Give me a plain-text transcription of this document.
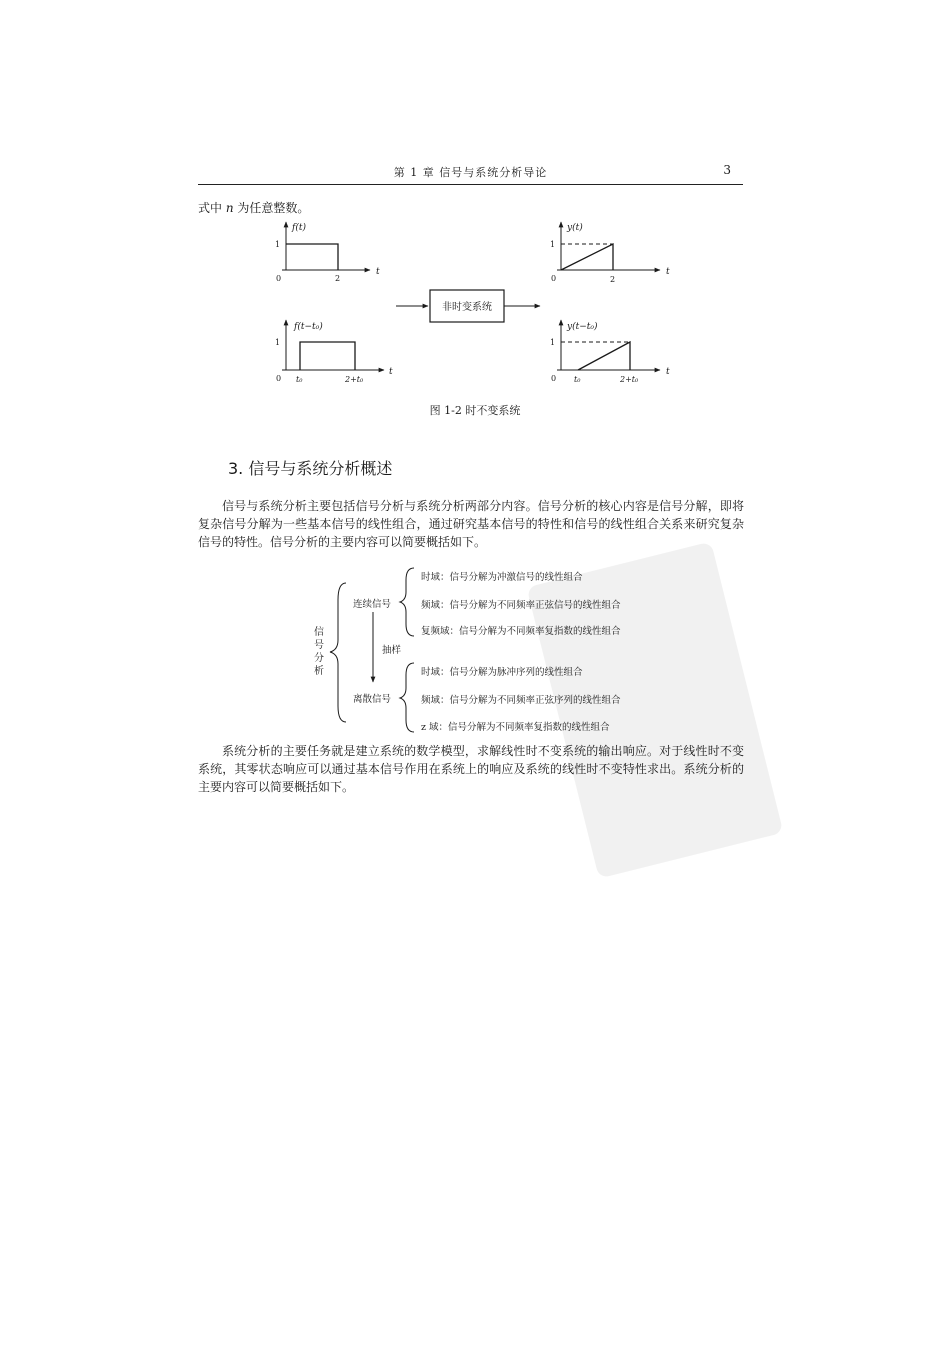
第 1 章 信号与系统分析导论	3
式中 n 为任意整数。
f(t)
t
0
1
2
f(t−t₀)
t
0
1
t₀	2+t₀
非时变系统
y(t)
t
0
1
2
y(t−t₀)
t
0
1
t₀	2+t₀
图 1-2 时不变系统
3. 信号与系统分析概述
信号与系统分析主要包括信号分析与系统分析两部分内容。信号分析的核心内容是信号分解，即将复杂信号分解为一些基本信号的线性组合，通过研究基本信号的特性和信号的线性组合关系来研究复杂信号的特性。信号分析的主要内容可以简要概括如下。
信号分析
连续信号
抽样
离散信号
时域：信号分解为冲激信号的线性组合
频域：信号分解为不同频率正弦信号的线性组合
复频域：信号分解为不同频率复指数的线性组合
时域：信号分解为脉冲序列的线性组合
频域：信号分解为不同频率正弦序列的线性组合
z 域：信号分解为不同频率复指数的线性组合
系统分析的主要任务就是建立系统的数学模型，求解线性时不变系统的输出响应。对于线性时不变系统，其零状态响应可以通过基本信号作用在系统上的响应及系统的线性时不变特性求出。系统分析的主要内容可以简要概括如下。
